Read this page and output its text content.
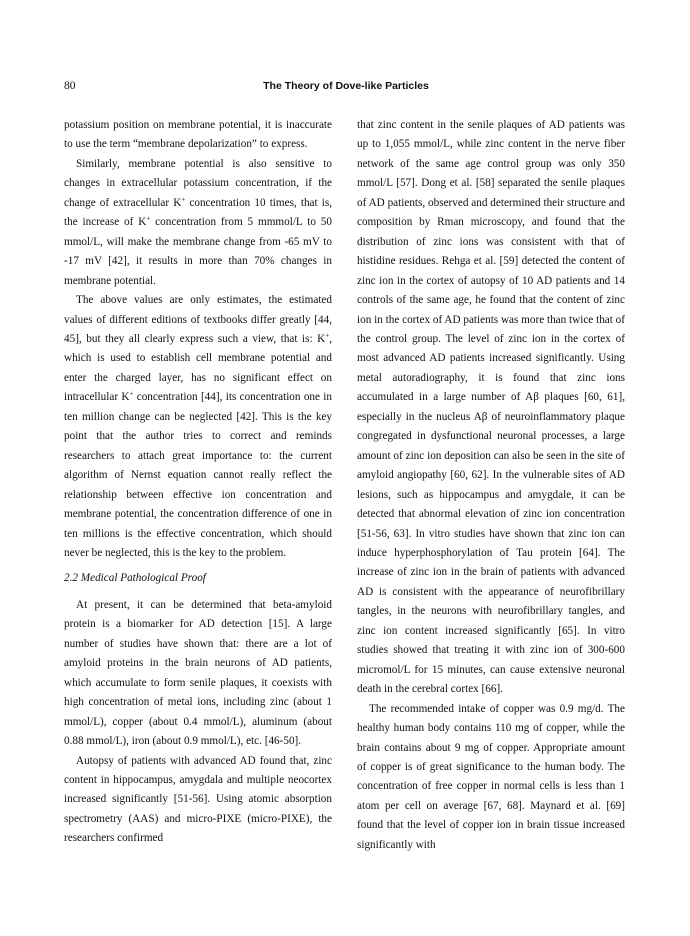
80	The Theory of Dove-like Particles

potassium position on membrane potential, it is inaccurate to use the term “membrane depolarization” to express.

Similarly, membrane potential is also sensitive to changes in extracellular potassium concentration, if the change of extracellular K+ concentration 10 times, that is, the increase of K+ concentration from 5 mmmol/L to 50 mmol/L, will make the membrane change from -65 mV to -17 mV [42], it results in more than 70% changes in membrane potential.

The above values are only estimates, the estimated values of different editions of textbooks differ greatly [44, 45], but they all clearly express such a view, that is: K+, which is used to establish cell membrane potential and enter the charged layer, has no significant effect on intracellular K+ concentration [44], its concentration one in ten million change can be neglected [42]. This is the key point that the author tries to correct and reminds researchers to attach great importance to: the current algorithm of Nernst equation cannot really reflect the relationship between effective ion concentration and membrane potential, the concentration difference of one in ten millions is the effective concentration, which should never be neglected, this is the key to the problem.

2.2 Medical Pathological Proof

At present, it can be determined that beta-amyloid protein is a biomarker for AD detection [15]. A large number of studies have shown that: there are a lot of amyloid proteins in the brain neurons of AD patients, which accumulate to form senile plaques, it coexists with high concentration of metal ions, including zinc (about 1 mmol/L), copper (about 0.4 mmol/L), aluminum (about 0.88 mmol/L), iron (about 0.9 mmol/L), etc. [46-50].

Autopsy of patients with advanced AD found that, zinc content in hippocampus, amygdala and multiple neocortex increased significantly [51-56]. Using atomic absorption spectrometry (AAS) and micro-PIXE (micro-PIXE), the researchers confirmed

that zinc content in the senile plaques of AD patients was up to 1,055 mmol/L, while zinc content in the nerve fiber network of the same age control group was only 350 mmol/L [57]. Dong et al. [58] separated the senile plaques of AD patients, observed and determined their structure and composition by Rman microscopy, and found that the distribution of zinc ions was consistent with that of histidine residues. Rehga et al. [59] detected the content of zinc ion in the cortex of autopsy of 10 AD patients and 14 controls of the same age, he found that the content of zinc ion in the cortex of AD patients was more than twice that of the control group. The level of zinc ion in the cortex of most advanced AD patients increased significantly. Using metal autoradiography, it is found that zinc ions accumulated in a large number of Aβ plaques [60, 61], especially in the nucleus Aβ of neuroinflammatory plaque congregated in dysfunctional neuronal processes, a large amount of zinc ion deposition can also be seen in the site of amyloid angiopathy [60, 62]. In the vulnerable sites of AD lesions, such as hippocampus and amygdale, it can be detected that abnormal elevation of zinc ion concentration [51-56, 63]. In vitro studies have shown that zinc ion can induce hyperphosphorylation of Tau protein [64]. The increase of zinc ion in the brain of patients with advanced AD is consistent with the appearance of neurofibrillary tangles, in the neurons with neurofibrillary tangles, and zinc ion content increased significantly [65]. In vitro studies showed that treating it with zinc ion of 300-600 micromol/L for 15 minutes, can cause extensive neuronal death in the cerebral cortex [66].

The recommended intake of copper was 0.9 mg/d. The healthy human body contains 110 mg of copper, while the brain contains about 9 mg of copper. Appropriate amount of copper is of great significance to the human body. The concentration of free copper in normal cells is less than 1 atom per cell on average [67, 68]. Maynard et al. [69] found that the level of copper ion in brain tissue increased significantly with
